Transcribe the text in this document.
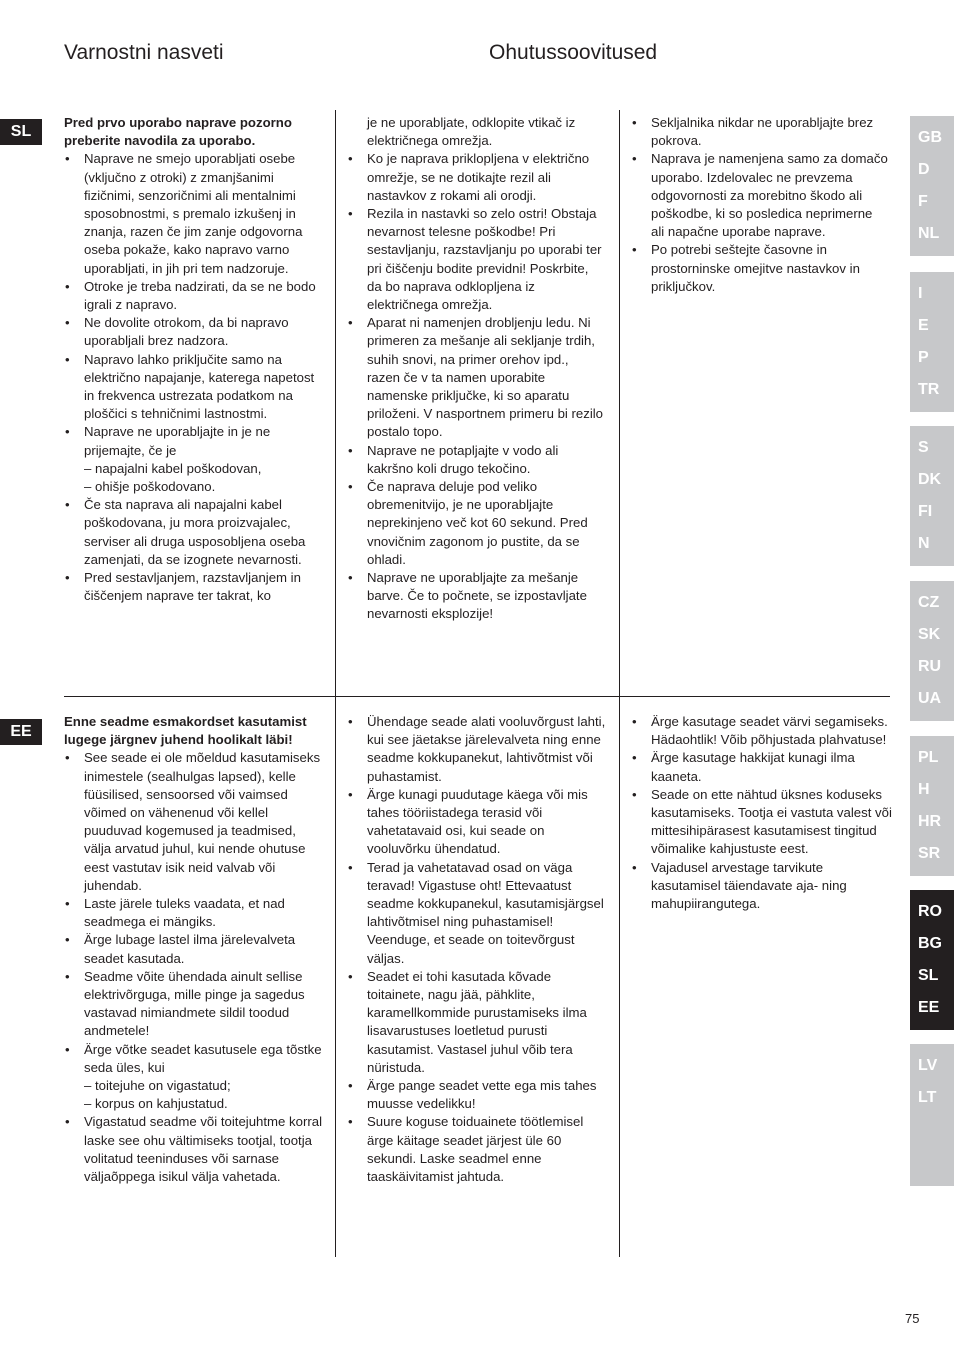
Varnostni nasveti	Ohutussoovitused
SL
EE
GB
D
F
NL
I
E
P
TR
S
DK
FI
N
CZ
SK
RU
UA
PL
H
HR
SR
RO
BG
SL
EE
LV
LT

Pred prvo uporabo naprave pozorno preberite navodila za uporabo.

• Naprave ne smejo uporabljati osebe (vključno z otroki) z zmanjšanimi fizičnimi, senzoričnimi ali mentalnimi sposobnostmi, s premalo izkušenj in znanja, razen če jim zanje odgovorna oseba pokaže, kako napravo varno uporabljati, in jih pri tem nadzoruje.
• Otroke je treba nadzirati, da se ne bodo igrali z napravo.
• Ne dovolite otrokom, da bi napravo uporabljali brez nadzora.
• Napravo lahko priključite samo na električno napajanje, katerega napetost in frekvenca ustrezata podatkom na ploščici s tehničnimi lastnostmi.
• Naprave ne uporabljajte in je ne prijemajte, če je
– napajalni kabel poškodovan,
– ohišje poškodovano.
• Če sta naprava ali napajalni kabel poškodovana, ju mora proizvajalec, serviser ali druga usposobljena oseba zamenjati, da se izognete nevarnosti.
• Pred sestavljanjem, razstavljanjem in čiščenjem naprave ter takrat, ko
je ne uporabljate, odklopite vtikač iz električnega omrežja.
• Ko je naprava priklopljena v električno omrežje, se ne dotikajte rezil ali nastavkov z rokami ali orodji.
• Rezila in nastavki so zelo ostri! Obstaja nevarnost telesne poškodbe! Pri sestavljanju, razstavljanju po uporabi ter pri čiščenju bodite previdni! Poskrbite, da bo naprava odklopljena iz električnega omrežja.
• Aparat ni namenjen drobljenju ledu. Ni primeren za mešanje ali sekljanje trdih, suhih snovi, na primer orehov ipd., razen če v ta namen uporabite namenske priključke, ki so aparatu priloženi. V nasportnem primeru bi rezilo postalo topo.
• Naprave ne potapljajte v vodo ali kakršno koli drugo tekočino.
• Če naprava deluje pod veliko obremenitvijo, je ne uporabljajte neprekinjeno več kot 60 sekund. Pred vnovičnim zagonom jo pustite, da se ohladi.
• Naprave ne uporabljajte za mešanje barve. Če to počnete, se izpostavljate nevarnosti eksplozije!
• Sekljalnika nikdar ne uporabljajte brez pokrova.
• Naprava je namenjena samo za domačo uporabo. Izdelovalec ne prevzema odgovornosti za morebitno škodo ali poškodbe, ki so posledica neprimerne ali napačne uporabe naprave.
• Po potrebi seštejte časovne in prostorninske omejitve nastavkov in priključkov.

Enne seadme esmakordset kasutamist lugege järgnev juhend hoolikalt läbi!

• See seade ei ole mõeldud kasutamiseks inimestele (sealhulgas lapsed), kelle füüsilised, sensoorsed või vaimsed võimed on vähenenud või kellel puuduvad kogemused ja teadmised, välja arvatud juhul, kui nende ohutuse eest vastutav isik neid valvab või juhendab.
• Laste järele tuleks vaadata, et nad seadmega ei mängiks.
• Ärge lubage lastel ilma järelevalveta seadet kasutada.
• Seadme võite ühendada ainult sellise elektrivõrguga, mille pinge ja sagedus vastavad nimiandmete sildil toodud andmetele!
• Ärge võtke seadet kasutusele ega tõstke seda üles, kui
– toitejuhe on vigastatud;
– korpus on kahjustatud.
• Vigastatud seadme või toitejuhtme korral laske see ohu vältimiseks tootjal, tootja volitatud teeninduses või sarnase väljaõppega isikul välja vahetada.
• Ühendage seade alati vooluvõrgust lahti, kui see jäetakse järelevalveta ning enne seadme kokkupanekut, lahtivõtmist või puhastamist.
• Ärge kunagi puudutage käega või mis tahes tööriistadega terasid või vahetatavaid osi, kui seade on vooluvõrku ühendatud.
• Terad ja vahetatavad osad on väga teravad! Vigastuse oht! Ettevaatust seadme kokkupanekul, kasutamisjärgsel lahtivõtmisel ning puhastamisel! Veenduge, et seade on toitevõrgust väljas.
• Seadet ei tohi kasutada kõvade toitainete, nagu jää, pähklite, karamellkommide purustamiseks ilma lisavarustuses loetletud purusti kasutamist. Vastasel juhul võib tera nüristuda.
• Ärge pange seadet vette ega mis tahes muusse vedelikku!
• Suure koguse toiduainete töötlemisel ärge käitage seadet järjest üle 60 sekundi. Laske seadmel enne taaskäivitamist jahtuda.
• Ärge kasutage seadet värvi segamiseks. Hädaohtlik! Võib põhjustada plahvatuse!
• Ärge kasutage hakkijat kunagi ilma kaaneta.
• Seade on ette nähtud üksnes koduseks kasutamiseks. Tootja ei vastuta valest või mittesihipärasest kasutamisest tingitud võimalike kahjustuste eest.
• Vajadusel arvestage tarvikute kasutamisel täiendavate aja- ning mahupiirangutega.
75
